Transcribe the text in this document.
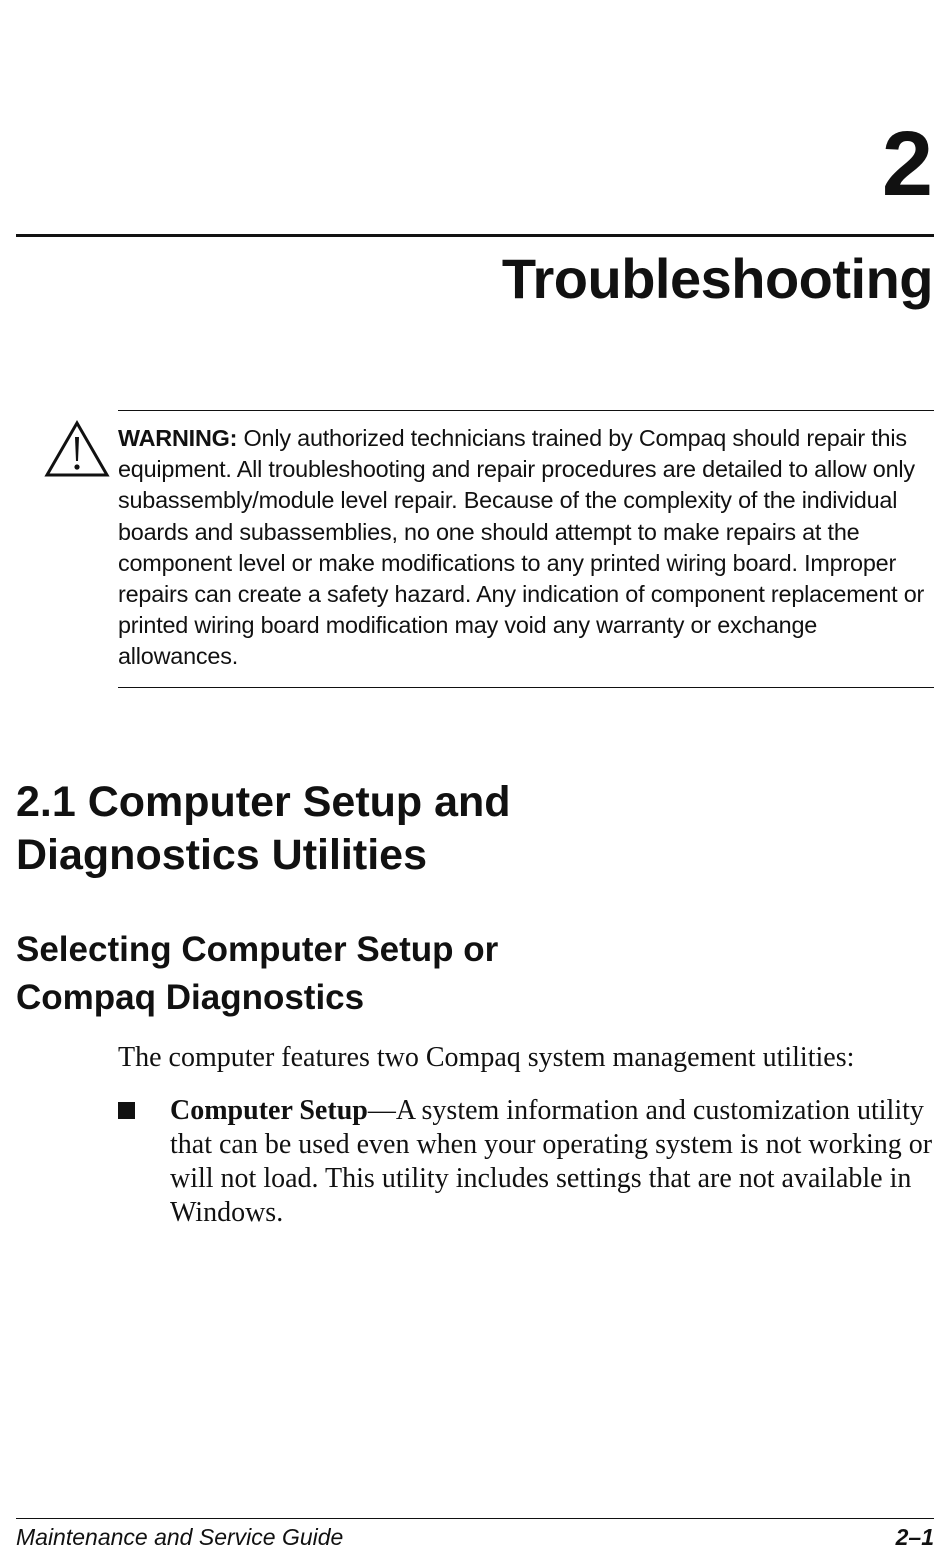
2
Troubleshooting

WARNING: Only authorized technicians trained by Compaq should repair this equipment. All troubleshooting and repair procedures are detailed to allow only subassembly/module level repair. Because of the complexity of the individual boards and subassemblies, no one should attempt to make repairs at the component level or make modifications to any printed wiring board. Improper repairs can create a safety hazard. Any indication of component replacement or printed wiring board modification may void any warranty or exchange allowances.

2.1 Computer Setup and
Diagnostics Utilities
Selecting Computer Setup or
Compaq Diagnostics

The computer features two Compaq system management utilities:

Computer Setup—A system information and customization utility that can be used even when your operating system is not working or will not load. This utility includes settings that are not available in Windows.

Maintenance and Service Guide	2–1
